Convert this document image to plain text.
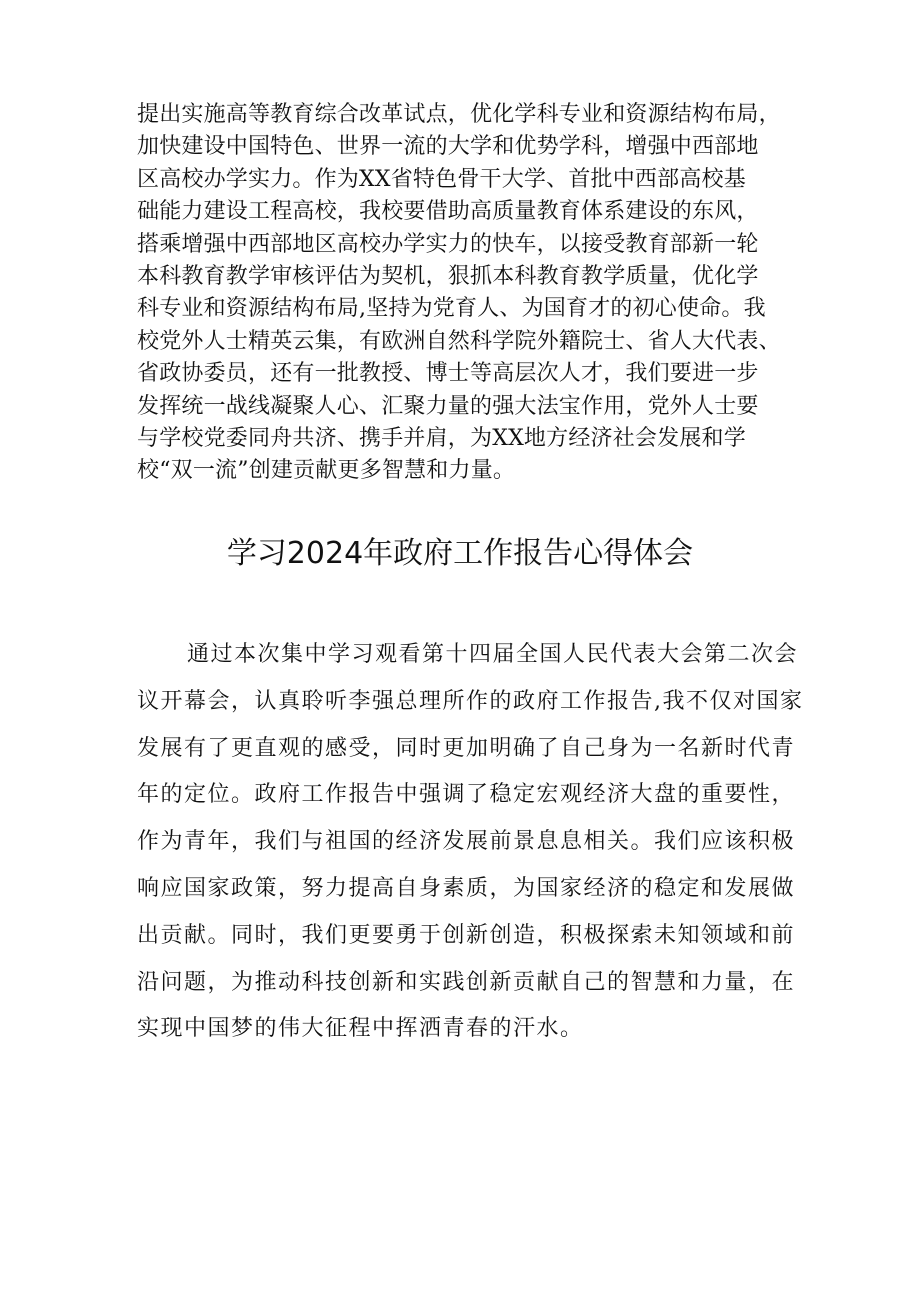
提出实施高等教育综合改革试点，优化学科专业和资源结构布局，
加快建设中国特色、世界一流的大学和优势学科，增强中西部地
区高校办学实力。作为XX省特色骨干大学、首批中西部高校基
础能力建设工程高校，我校要借助高质量教育体系建设的东风，
搭乘增强中西部地区高校办学实力的快车，以接受教育部新一轮
本科教育教学审核评估为契机，狠抓本科教育教学质量，优化学
科专业和资源结构布局,坚持为党育人、为国育才的初心使命。我
校党外人士精英云集，有欧洲自然科学院外籍院士、省人大代表、
省政协委员，还有一批教授、博士等高层次人才，我们要进一步
发挥统一战线凝聚人心、汇聚力量的强大法宝作用，党外人士要
与学校党委同舟共济、携手并肩，为XX地方经济社会发展和学
校“双一流”创建贡献更多智慧和力量。
学习2024年政府工作报告心得体会
通过本次集中学习观看第十四届全国人民代表大会第二次会
议开幕会，认真聆听李强总理所作的政府工作报告,我不仅对国家
发展有了更直观的感受，同时更加明确了自己身为一名新时代青
年的定位。政府工作报告中强调了稳定宏观经济大盘的重要性，
作为青年，我们与祖国的经济发展前景息息相关。我们应该积极
响应国家政策，努力提高自身素质，为国家经济的稳定和发展做
出贡献。同时，我们更要勇于创新创造，积极探索未知领域和前
沿问题，为推动科技创新和实践创新贡献自己的智慧和力量，在
实现中国梦的伟大征程中挥洒青春的汗水。
